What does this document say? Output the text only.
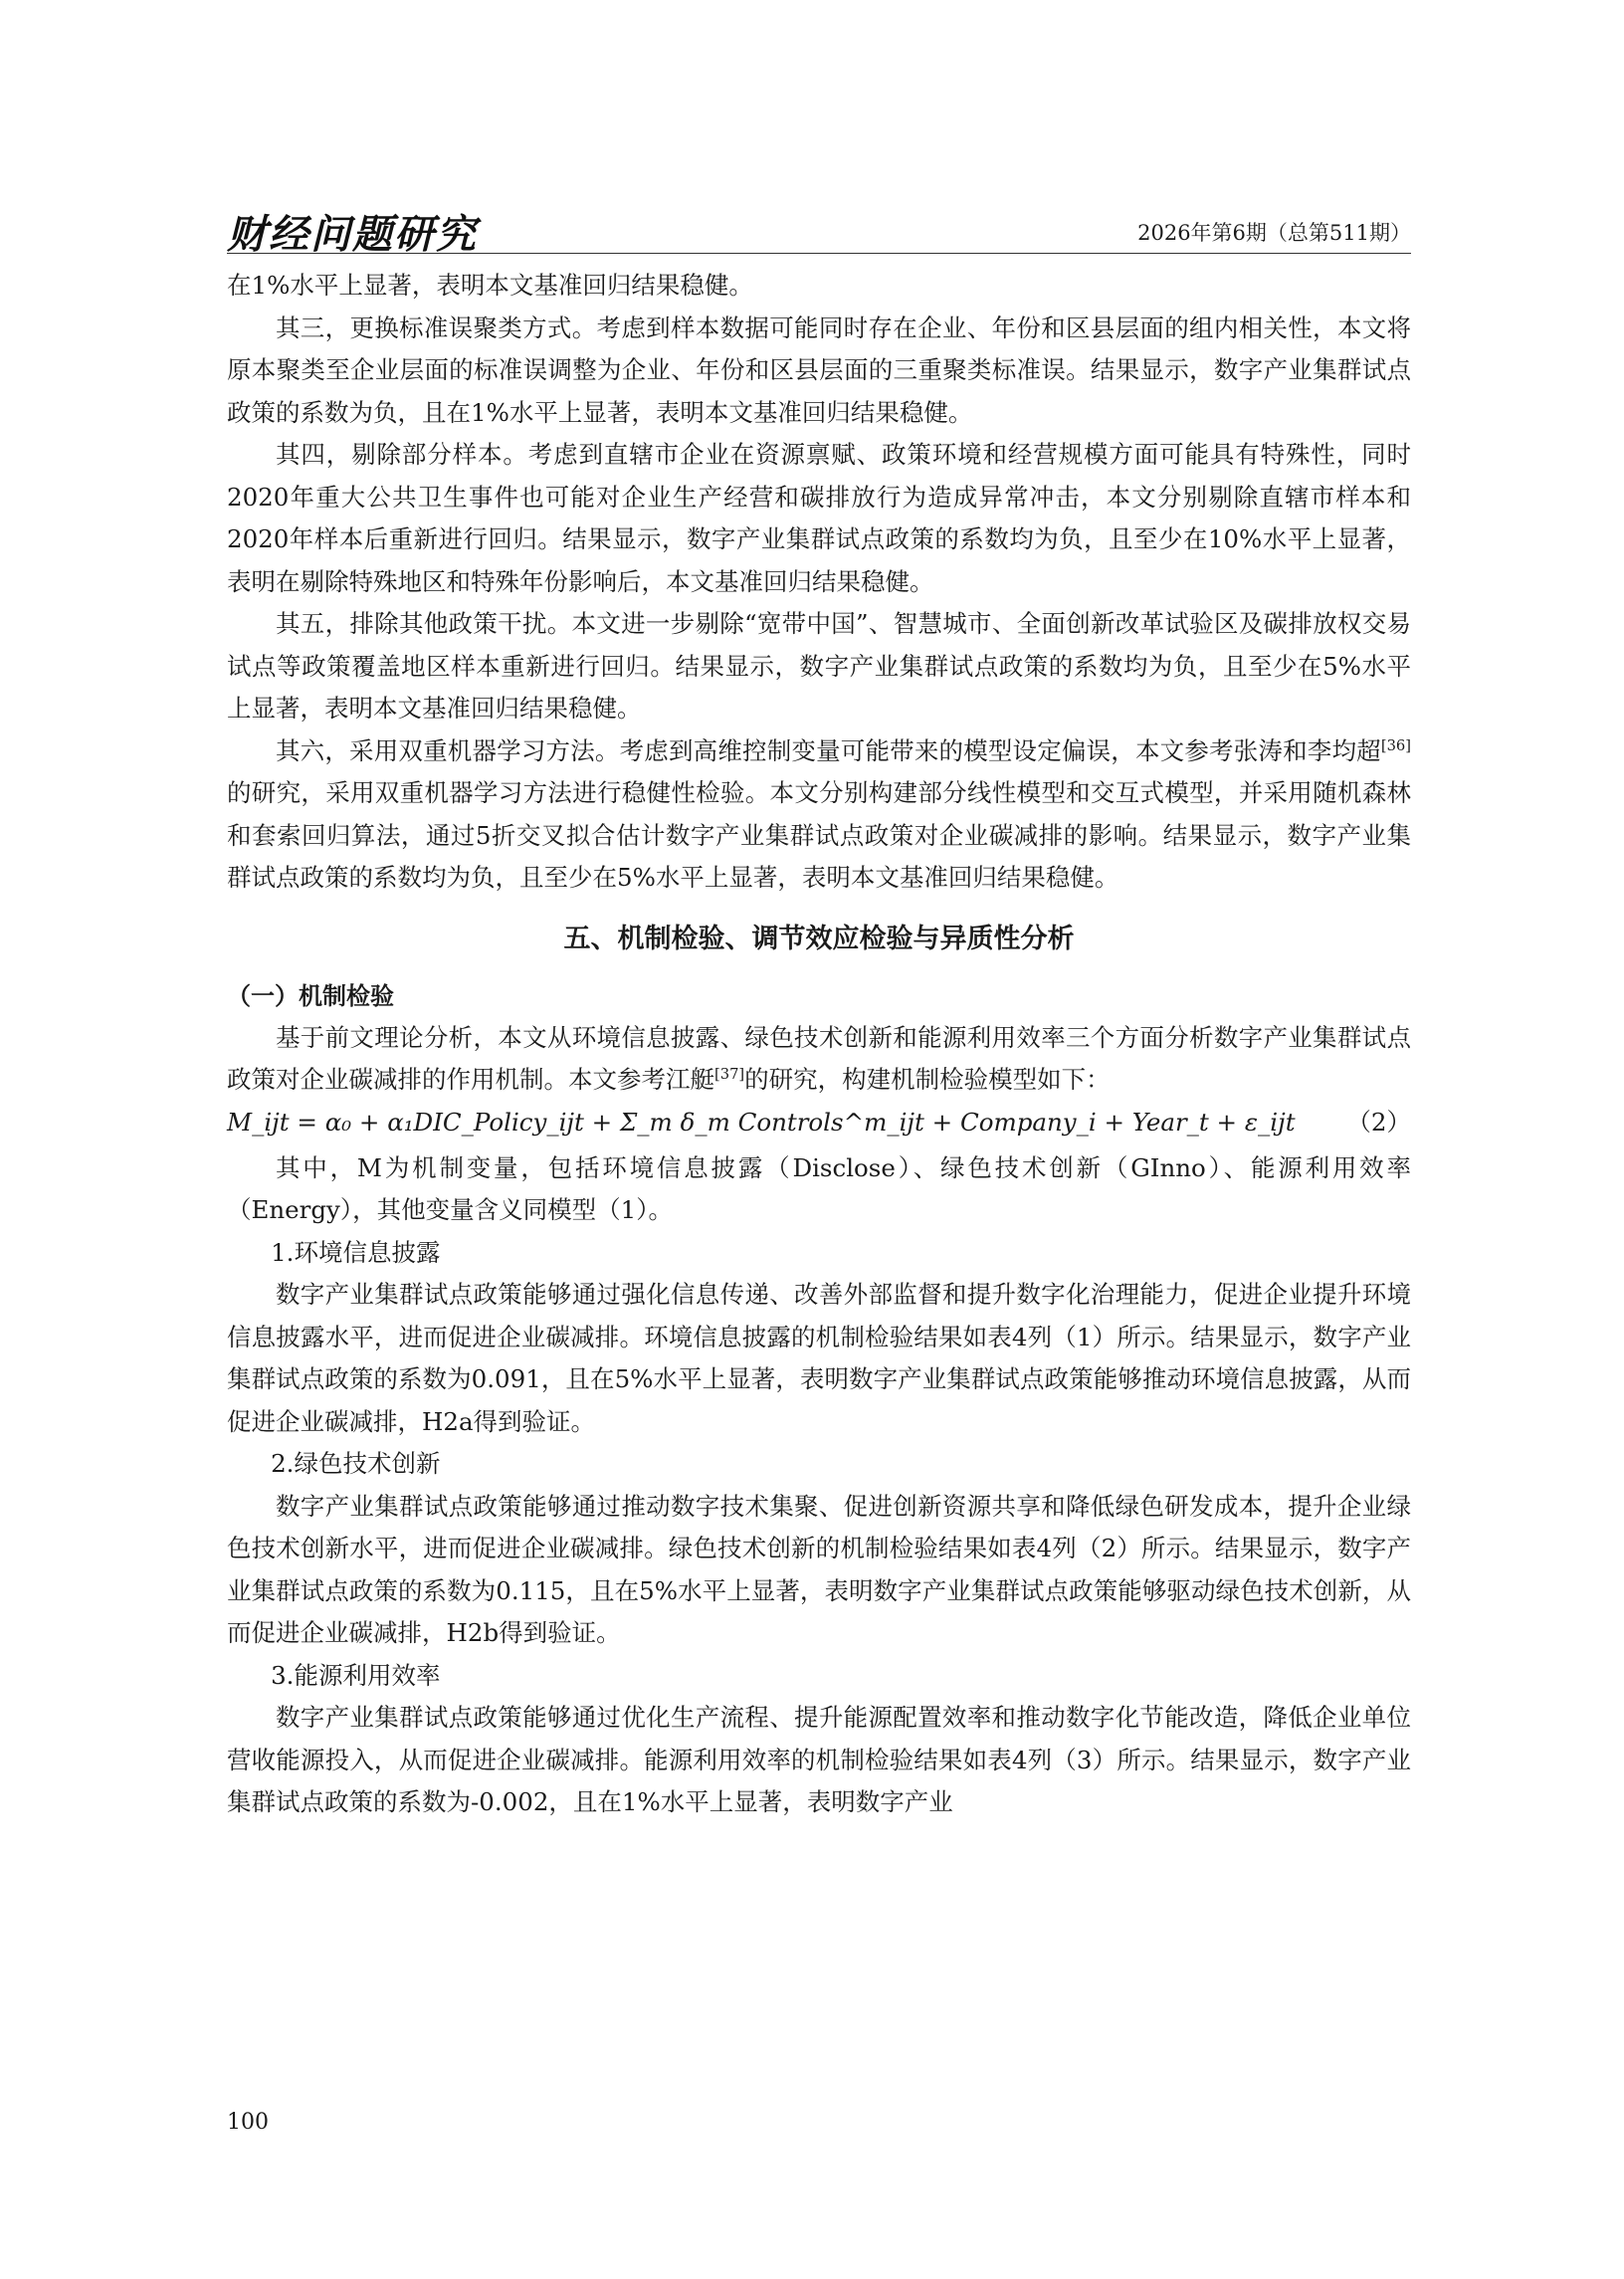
财经问题研究	2026年第6期（总第511期）

在1%水平上显著，表明本文基准回归结果稳健。

其三，更换标准误聚类方式。考虑到样本数据可能同时存在企业、年份和区县层面的组内相关性，本文将原本聚类至企业层面的标准误调整为企业、年份和区县层面的三重聚类标准误。结果显示，数字产业集群试点政策的系数为负，且在1%水平上显著，表明本文基准回归结果稳健。

其四，剔除部分样本。考虑到直辖市企业在资源禀赋、政策环境和经营规模方面可能具有特殊性，同时2020年重大公共卫生事件也可能对企业生产经营和碳排放行为造成异常冲击，本文分别剔除直辖市样本和2020年样本后重新进行回归。结果显示，数字产业集群试点政策的系数均为负，且至少在10%水平上显著，表明在剔除特殊地区和特殊年份影响后，本文基准回归结果稳健。

其五，排除其他政策干扰。本文进一步剔除“宽带中国”、智慧城市、全面创新改革试验区及碳排放权交易试点等政策覆盖地区样本重新进行回归。结果显示，数字产业集群试点政策的系数均为负，且至少在5%水平上显著，表明本文基准回归结果稳健。

其六，采用双重机器学习方法。考虑到高维控制变量可能带来的模型设定偏误，本文参考张涛和李均超[36]的研究，采用双重机器学习方法进行稳健性检验。本文分别构建部分线性模型和交互式模型，并采用随机森林和套索回归算法，通过5折交叉拟合估计数字产业集群试点政策对企业碳减排的影响。结果显示，数字产业集群试点政策的系数均为负，且至少在5%水平上显著，表明本文基准回归结果稳健。

五、机制检验、调节效应检验与异质性分析

（一）机制检验

基于前文理论分析，本文从环境信息披露、绿色技术创新和能源利用效率三个方面分析数字产业集群试点政策对企业碳减排的作用机制。本文参考江艇[37]的研究，构建机制检验模型如下：

M_ijt = α₀ + α₁DIC_Policy_ijt + Σ_m δ_m Controls^m_ijt + Company_i + Year_t + ε_ijt （2）

其中，M为机制变量，包括环境信息披露（Disclose）、绿色技术创新（GInno）、能源利用效率（Energy），其他变量含义同模型（1）。

1.环境信息披露

数字产业集群试点政策能够通过强化信息传递、改善外部监督和提升数字化治理能力，促进企业提升环境信息披露水平，进而促进企业碳减排。环境信息披露的机制检验结果如表4列（1）所示。结果显示，数字产业集群试点政策的系数为0.091，且在5%水平上显著，表明数字产业集群试点政策能够推动环境信息披露，从而促进企业碳减排，H2a得到验证。

2.绿色技术创新

数字产业集群试点政策能够通过推动数字技术集聚、促进创新资源共享和降低绿色研发成本，提升企业绿色技术创新水平，进而促进企业碳减排。绿色技术创新的机制检验结果如表4列（2）所示。结果显示，数字产业集群试点政策的系数为0.115，且在5%水平上显著，表明数字产业集群试点政策能够驱动绿色技术创新，从而促进企业碳减排，H2b得到验证。

3.能源利用效率

数字产业集群试点政策能够通过优化生产流程、提升能源配置效率和推动数字化节能改造，降低企业单位营收能源投入，从而促进企业碳减排。能源利用效率的机制检验结果如表4列（3）所示。结果显示，数字产业集群试点政策的系数为-0.002，且在1%水平上显著，表明数字产业

100
